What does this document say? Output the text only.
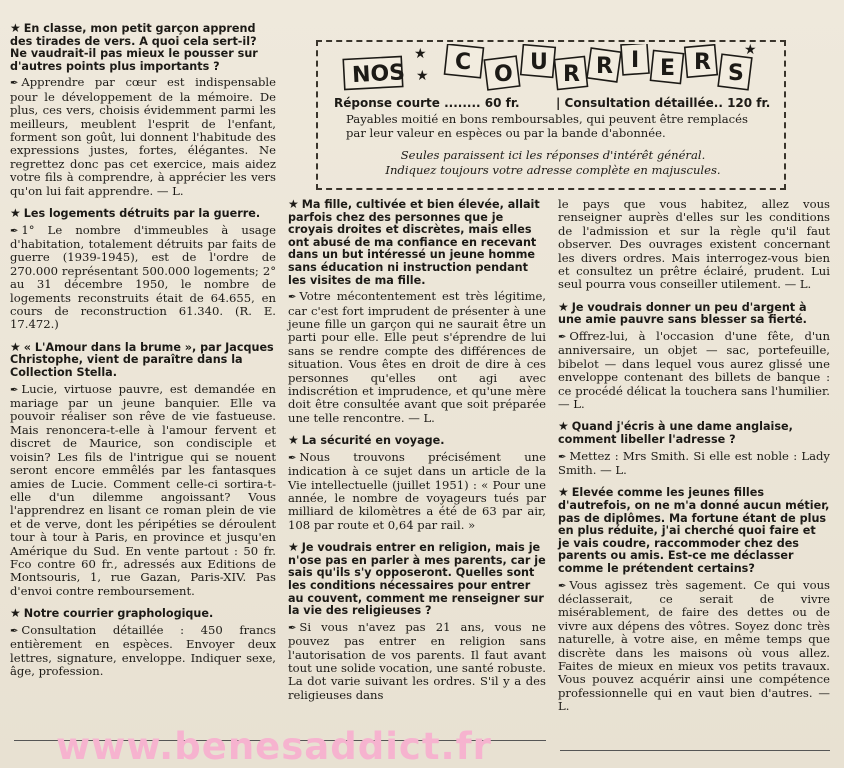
NOS C O U R R I E R S
★
★	★
Réponse courte ........ 60 fr.	| Consultation détaillée.. 120 fr.
Payables moitié en bons remboursables, qui peuvent être remplacés par leur valeur en espèces ou par la bande d'abonnée.
Seules paraissent ici les réponses d'intérêt général.
Indiquez toujours votre adresse complète en majuscules.
★ En classe, mon petit garçon apprend des tirades de vers. A quoi cela sert-il? Ne vaudrait-il pas mieux le pousser sur d'autres points plus importants ?
✒ Apprendre par cœur est indispensable pour le développement de la mémoire. De plus, ces vers, choisis évidemment parmi les meilleurs, meublent l'esprit de l'enfant, forment son goût, lui donnent l'habitude des expressions justes, fortes, élégantes. Ne regrettez donc pas cet exercice, mais aidez votre fils à comprendre, à apprécier les vers qu'on lui fait apprendre. — L.
★ Les logements détruits par la guerre.
✒ 1° Le nombre d'immeubles à usage d'habitation, totalement détruits par faits de guerre (1939-1945), est de l'ordre de 270.000 représentant 500.000 logements; 2° au 31 décembre 1950, le nombre de logements reconstruits était de 64.655, en cours de reconstruction 61.340. (R. E. 17.472.)
★ « L'Amour dans la brume », par Jacques Christophe, vient de paraître dans la Collection Stella.
✒ Lucie, virtuose pauvre, est demandée en mariage par un jeune banquier. Elle va pouvoir réaliser son rêve de vie fastueuse. Mais renoncera-t-elle à l'amour fervent et discret de Maurice, son condisciple et voisin? Les fils de l'intrigue qui se nouent seront encore emmêlés par les fantasques amies de Lucie. Comment celle-ci sortira-t-elle d'un dilemme angoissant? Vous l'apprendrez en lisant ce roman plein de vie et de verve, dont les péripéties se déroulent tour à tour à Paris, en province et jusqu'en Amérique du Sud. En vente partout : 50 fr. Fco contre 60 fr., adressés aux Editions de Montsouris, 1, rue Gazan, Paris-XIV. Pas d'envoi contre remboursement.
★ Notre courrier graphologique.
✒ Consultation détaillée : 450 francs entièrement en espèces. Envoyer deux lettres, signature, enveloppe. Indiquer sexe, âge, profession.
★ Ma fille, cultivée et bien élevée, allait parfois chez des personnes que je croyais droites et discrètes, mais elles ont abusé de ma confiance en recevant dans un but intéressé un jeune homme sans éducation ni instruction pendant les visites de ma fille.
✒ Votre mécontentement est très légitime, car c'est fort imprudent de présenter à une jeune fille un garçon qui ne saurait être un parti pour elle. Elle peut s'éprendre de lui sans se rendre compte des différences de situation. Vous êtes en droit de dire à ces personnes qu'elles ont agi avec indiscrétion et imprudence, et qu'une mère doit être consultée avant que soit préparée une telle rencontre. — L.
★ La sécurité en voyage.
✒ Nous trouvons précisément une indication à ce sujet dans un article de la Vie intellectuelle (juillet 1951) : « Pour une année, le nombre de voyageurs tués par milliard de kilomètres a été de 63 par air, 108 par route et 0,64 par rail. »
★ Je voudrais entrer en religion, mais je n'ose pas en parler à mes parents, car je sais qu'ils s'y opposeront. Quelles sont les conditions nécessaires pour entrer au couvent, comment me renseigner sur la vie des religieuses ?
✒ Si vous n'avez pas 21 ans, vous ne pouvez pas entrer en religion sans l'autorisation de vos parents. Il faut avant tout une solide vocation, une santé robuste. La dot varie suivant les ordres. S'il y a des religieuses dans
le pays que vous habitez, allez vous renseigner auprès d'elles sur les conditions de l'admission et sur la règle qu'il faut observer. Des ouvrages existent concernant les divers ordres. Mais interrogez-vous bien et consultez un prêtre éclairé, prudent. Lui seul pourra vous conseiller utilement. — L.
★ Je voudrais donner un peu d'argent à une amie pauvre sans blesser sa fierté.
✒ Offrez-lui, à l'occasion d'une fête, d'un anniversaire, un objet — sac, portefeuille, bibelot — dans lequel vous aurez glissé une enveloppe contenant des billets de banque : ce procédé délicat la touchera sans l'humilier. — L.
★ Quand j'écris à une dame anglaise, comment libeller l'adresse ?
✒ Mettez : Mrs Smith. Si elle est noble : Lady Smith. — L.
★ Elevée comme les jeunes filles d'autrefois, on ne m'a donné aucun métier, pas de diplômes. Ma fortune étant de plus en plus réduite, j'ai cherché quoi faire et je vais coudre, raccommoder chez des parents ou amis. Est-ce me déclasser comme le prétendent certains?
✒ Vous agissez très sagement. Ce qui vous déclasserait, ce serait de vivre misérablement, de faire des dettes ou de vivre aux dépens des vôtres. Soyez donc très naturelle, à votre aise, en même temps que discrète dans les maisons où vous allez. Faites de mieux en mieux vos petits travaux. Vous pouvez acquérir ainsi une compétence professionnelle qui en vaut bien d'autres. — L.
www.benesaddict.fr
